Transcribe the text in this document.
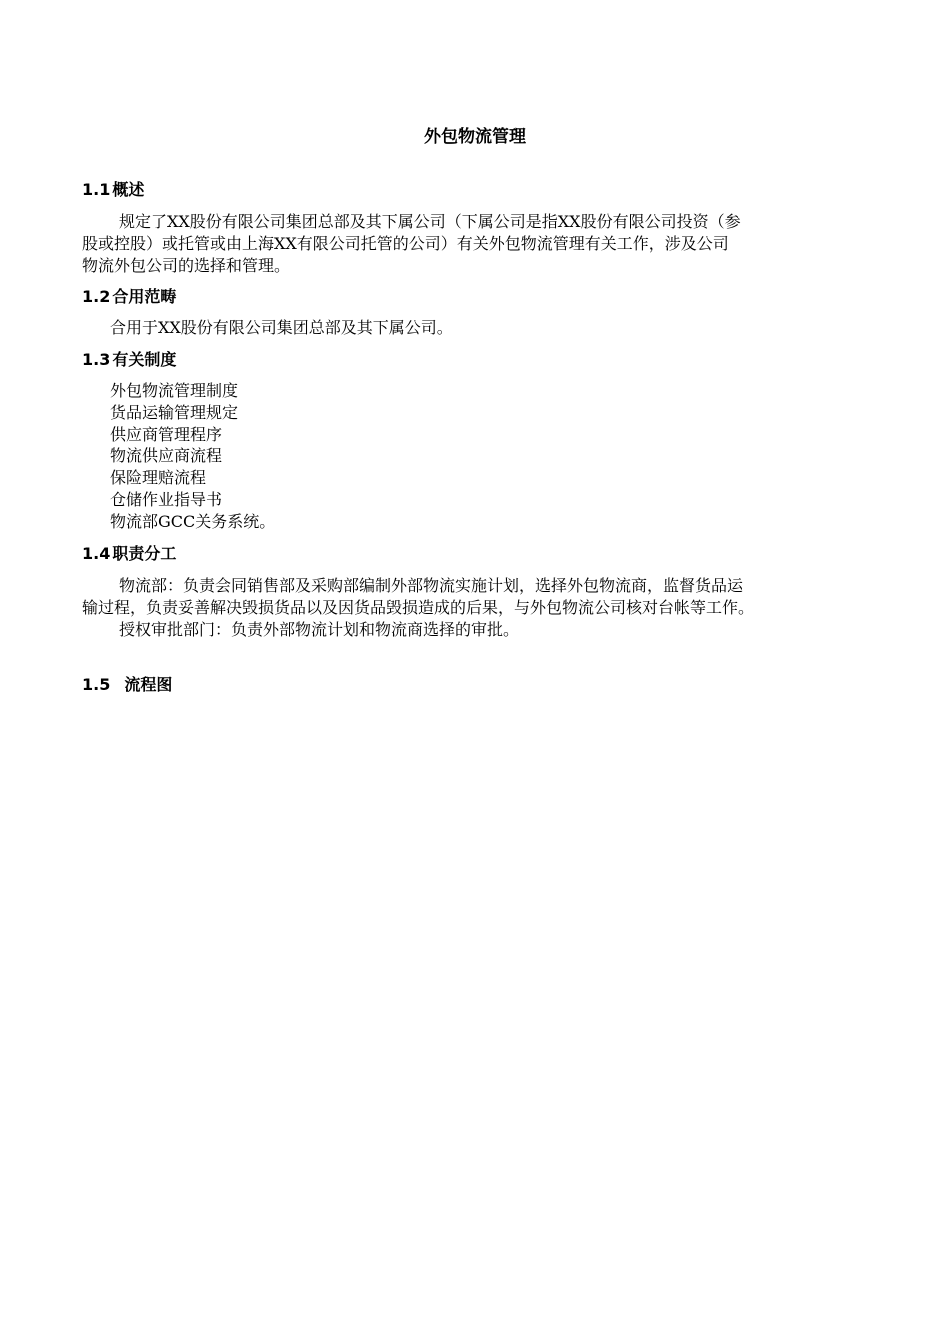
外包物流管理
1.1 概述

规定了XX股份有限公司集团总部及其下属公司（下属公司是指XX股份有限公司投资（参
股或控股）或托管或由上海XX有限公司托管的公司）有关外包物流管理有关工作，涉及公司
物流外包公司的选择和管理。

1.2 合用范畴

合用于XX股份有限公司集团总部及其下属公司。

1.3 有关制度
外包物流管理制度
货品运输管理规定
供应商管理程序
物流供应商流程
保险理赔流程
仓储作业指导书
物流部GCC关务系统。
1.4 职责分工

物流部：负责会同销售部及采购部编制外部物流实施计划，选择外包物流商，监督货品运
输过程，负责妥善解决毁损货品以及因货品毁损造成的后果，与外包物流公司核对台帐等工作。
授权审批部门：负责外部物流计划和物流商选择的审批。

1.5 流程图
